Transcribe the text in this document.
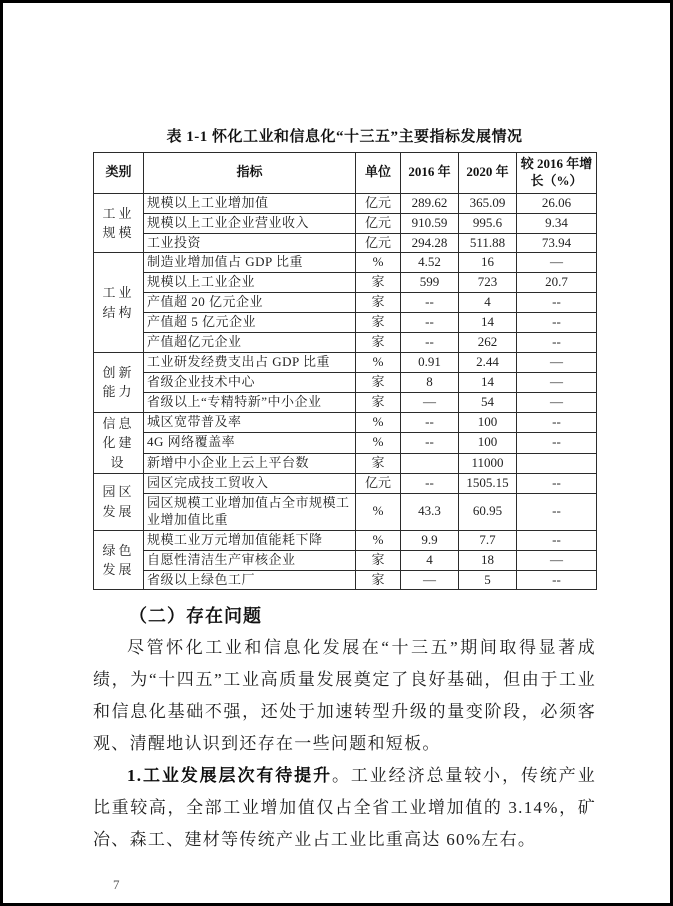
表 1-1 怀化工业和信息化“十三五”主要指标发展情况
类别	指标	单位	2016 年	2020 年	较 2016 年增长（%）
工业规模	规模以上工业增加值	亿元	289.62	365.09	26.06
	规模以上工业企业营业收入	亿元	910.59	995.6	9.34
	工业投资	亿元	294.28	511.88	73.94
工业结构	制造业增加值占 GDP 比重	%	4.52	16	—
	规模以上工业企业	家	599	723	20.7
	产值超 20 亿元企业	家	--	4	--
	产值超 5 亿元企业	家	--	14	--
	产值超亿元企业	家	--	262	--
创新能力	工业研发经费支出占 GDP 比重	%	0.91	2.44	—
	省级企业技术中心	家	8	14	—
	省级以上“专精特新”中小企业	家	—	54	—
信息化建设	城区宽带普及率	%	--	100	--
	4G 网络覆盖率	%	--	100	--
	新增中小企业上云上平台数	家		11000	
园区发展	园区完成技工贸收入	亿元	--	1505.15	--
	园区规模工业增加值占全市规模工业增加值比重	%	43.3	60.95	--
绿色发展	规模工业万元增加值能耗下降	%	9.9	7.7	--
	自愿性清洁生产审核企业	家	4	18	—
	省级以上绿色工厂	家	—	5	--
（二）存在问题

尽管怀化工业和信息化发展在“十三五”期间取得显著成绩，为“十四五”工业高质量发展奠定了良好基础，但由于工业和信息化基础不强，还处于加速转型升级的量变阶段，必须客观、清醒地认识到还存在一些问题和短板。

1.工业发展层次有待提升。工业经济总量较小，传统产业比重较高，全部工业增加值仅占全省工业增加值的 3.14%，矿冶、森工、建材等传统产业占工业比重高达 60%左右。

7
